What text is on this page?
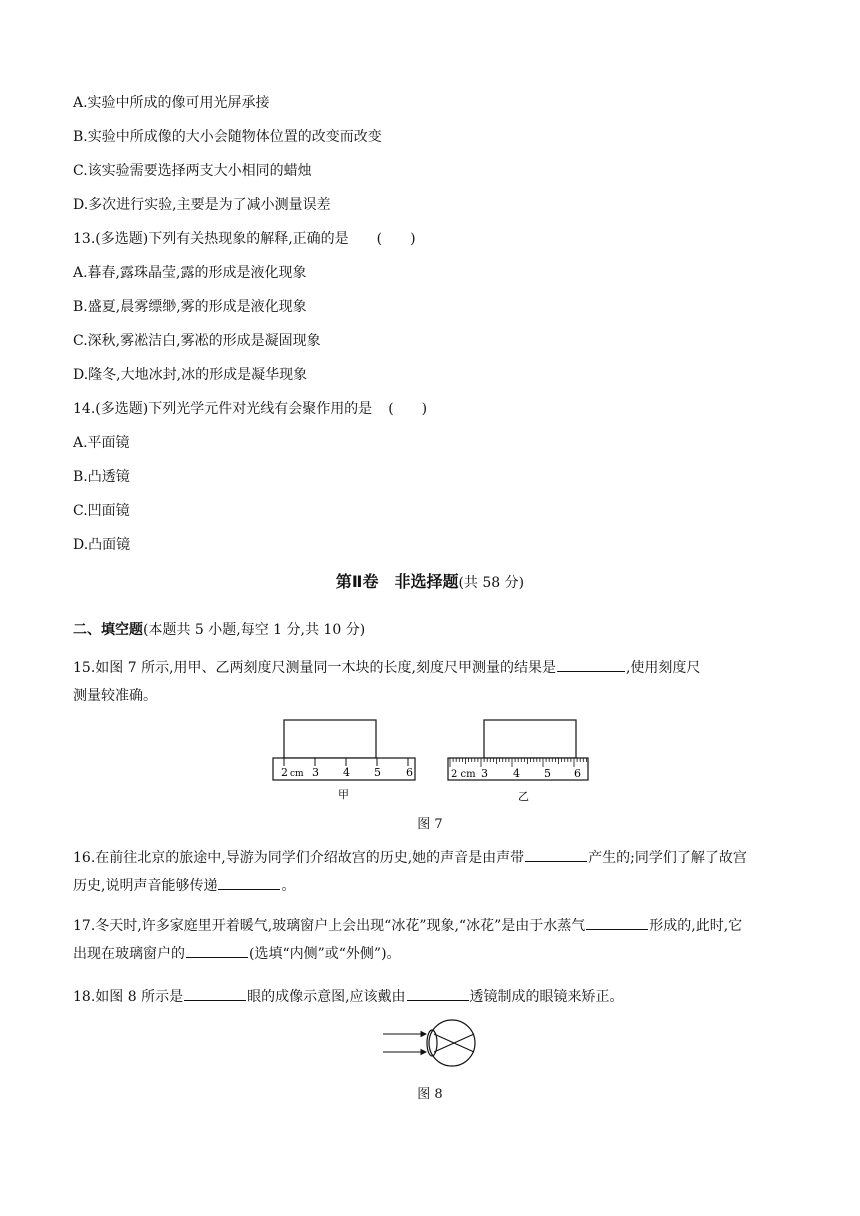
A.实验中所成的像可用光屏承接
B.实验中所成像的大小会随物体位置的改变而改变
C.该实验需要选择两支大小相同的蜡烛
D.多次进行实验,主要是为了减小测量误差
13.(多选题)下列有关热现象的解释,正确的是 (　　)
A.暮春,露珠晶莹,露的形成是液化现象
B.盛夏,晨雾缥缈,雾的形成是液化现象
C.深秋,雾凇洁白,雾凇的形成是凝固现象
D.隆冬,大地冰封,冰的形成是凝华现象
14.(多选题)下列光学元件对光线有会聚作用的是 (　　)
A.平面镜
B.凸透镜
C.凹面镜
D.凸面镜
第Ⅱ卷　非选择题(共 58 分)
二、填空题(本题共 5 小题,每空 1 分,共 10 分)
15.如图 7 所示,用甲、乙两刻度尺测量同一木块的长度,刻度尺甲测量的结果是	,使用刻度尺
测量较准确。
2 cm 3 4 5 6
甲
2 cm 3 4 5 6
乙
图 7
16.在前往北京的旅途中,导游为同学们介绍故宫的历史,她的声音是由声带	产生的;同学们了解了故宫
历史,说明声音能够传递	。
17.冬天时,许多家庭里开着暖气,玻璃窗户上会出现“冰花”现象,“冰花”是由于水蒸气	形成的,此时,它
出现在玻璃窗户的	(选填“内侧”或“外侧”)。
18.如图 8 所示是	眼的成像示意图,应该戴由	透镜制成的眼镜来矫正。
图 8
